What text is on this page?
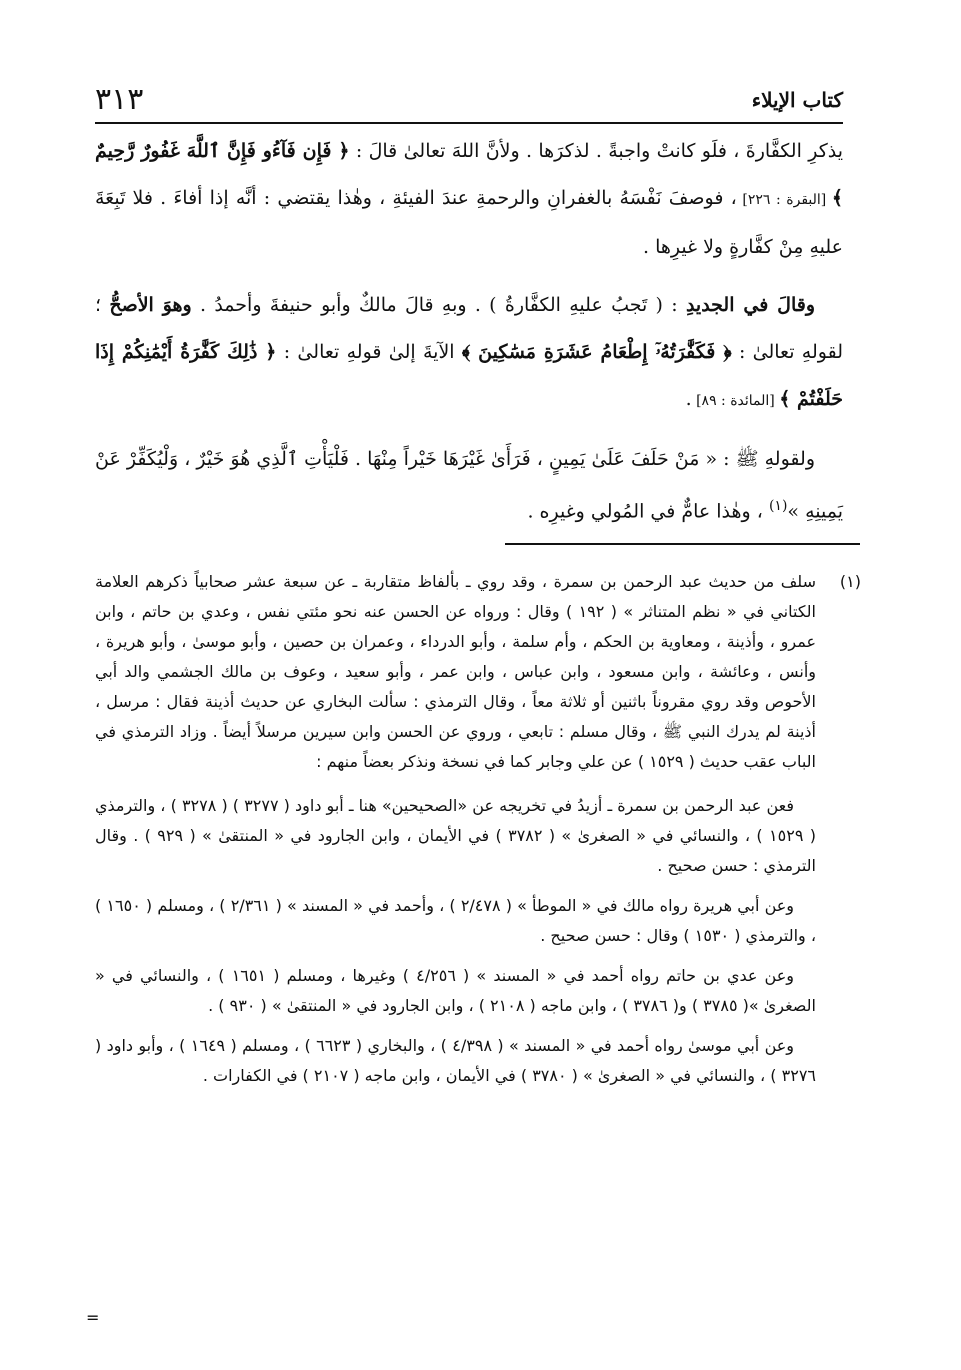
كتاب الإيلاء
٣١٣

يذكرِ الكفَّارةَ ، فلَو كانتْ واجبةً . لذكرَها . ولأنَّ اللهَ تعالىٰ قالَ : ﴿ فَإِن فَآءُو فَإِنَّ ٱللَّهَ غَفُورٌ رَّحِيمٌ ﴾ [البقرة : ٢٢٦] ، فوصفَ نَفْسَهُ بالغفرانِ والرحمةِ عندَ الفيئةِ ، وهٰذا يقتضي : أنَّه إذا أفاءَ . فلا تَبِعَةَ عليهِ مِنْ كفَّارةٍ ولا غيرِها .

وقالَ في الجديدِ : ( تَجبُ عليهِ الكفَّارةُ ) . وبهِ قالَ مالكٌ وأبو حنيفةَ وأحمدُ . وهوَ الأصحُّ ؛ لقولهِ تعالىٰ : ﴿ فَكَفَّٰرَتُهُۥٓ إِطْعَامُ عَشَرَةِ مَسَٰكِينَ ﴾ الآيةَ إلىٰ قولهِ تعالىٰ : ﴿ ذَٰلِكَ كَفَّٰرَةُ أَيْمَٰنِكُمْ إِذَا حَلَفْتُمْ ﴾ [المائدة : ٨٩] .

ولقولهِ ﷺ : « مَنْ حَلَفَ عَلَىٰ يَمِينٍ ، فَرَأَىٰ غَيْرَهَا خَيْراً مِنْهَا . فَلْيَأْتِ ٱلَّذِي هُوَ خَيْرٌ ، وَلْيُكَفِّرْ عَنْ يَمِينِهِ »$^{(١)}$ ، وهٰذا عامٌّ في المُولي وغيرِه .

(١)

سلف من حديث عبد الرحمن بن سمرة ، وقد روي ـ بألفاظ متقاربة ـ عن سبعة عشر صحابياً ذكرهم العلامة الكتاني في « نظم المتناثر » ( ١٩٢ ) وقال : ورواه عن الحسن عنه نحو مئتي نفس ، وعدي بن حاتم ، وابن عمرو ، وأذينة ، ومعاوية بن الحكم ، وأم سلمة ، وأبو الدرداء ، وعمران بن حصين ، وأبو موسىٰ ، وأبو هريرة ، وأنس ، وعائشة ، وابن مسعود ، وابن عباس ، وابن عمر ، وأبو سعيد ، وعوف بن مالك الجشمي والد أبي الأحوص وقد روي مقروناً باثنين أو ثلاثة معاً ، وقال الترمذي : سألت البخاري عن حديث أذينة فقال : مرسل ، أذينة لم يدرك النبي ﷺ ، وقال مسلم : تابعي ، وروي عن الحسن وابن سيرين مرسلاً أيضاً . وزاد الترمذي في الباب عقب حديث ( ١٥٢٩ ) عن علي وجابر كما في نسخة ونذكر بعضاً منهم :

فعن عبد الرحمن بن سمرة ـ أزيدُ في تخريجه عن «الصحيحين» هنا ـ أبو داود ( ٣٢٧٧ ) ( ٣٢٧٨ ) ، والترمذي ( ١٥٢٩ ) ، والنسائي في « الصغرىٰ » ( ٣٧٨٢ ) في الأيمان ، وابن الجارود في « المنتقىٰ » ( ٩٢٩ ) . وقال الترمذي : حسن صحيح .

وعن أبي هريرة رواه مالك في « الموطأ » ( ٢/٤٧٨ ) ، وأحمد في « المسند » ( ٢/٣٦١ ) ، ومسلم ( ١٦٥٠ ) ، والترمذي ( ١٥٣٠ ) وقال : حسن صحيح .

وعن عدي بن حاتم رواه أحمد في « المسند » ( ٤/٢٥٦ ) وغيرها ، ومسلم ( ١٦٥١ ) ، والنسائي في « الصغرىٰ »( ٣٧٨٥ ) و( ٣٧٨٦ ) ، وابن ماجه ( ٢١٠٨ ) ، وابن الجارود في « المنتقىٰ » ( ٩٣٠ ) .

وعن أبي موسىٰ رواه أحمد في « المسند » ( ٤/٣٩٨ ) ، والبخاري ( ٦٦٢٣ ) ، ومسلم ( ١٦٤٩ ) ، وأبو داود ( ٣٢٧٦ ) ، والنسائي في « الصغرىٰ » ( ٣٧٨٠ ) في الأيمان ، وابن ماجه ( ٢١٠٧ ) في الكفارات .

=
